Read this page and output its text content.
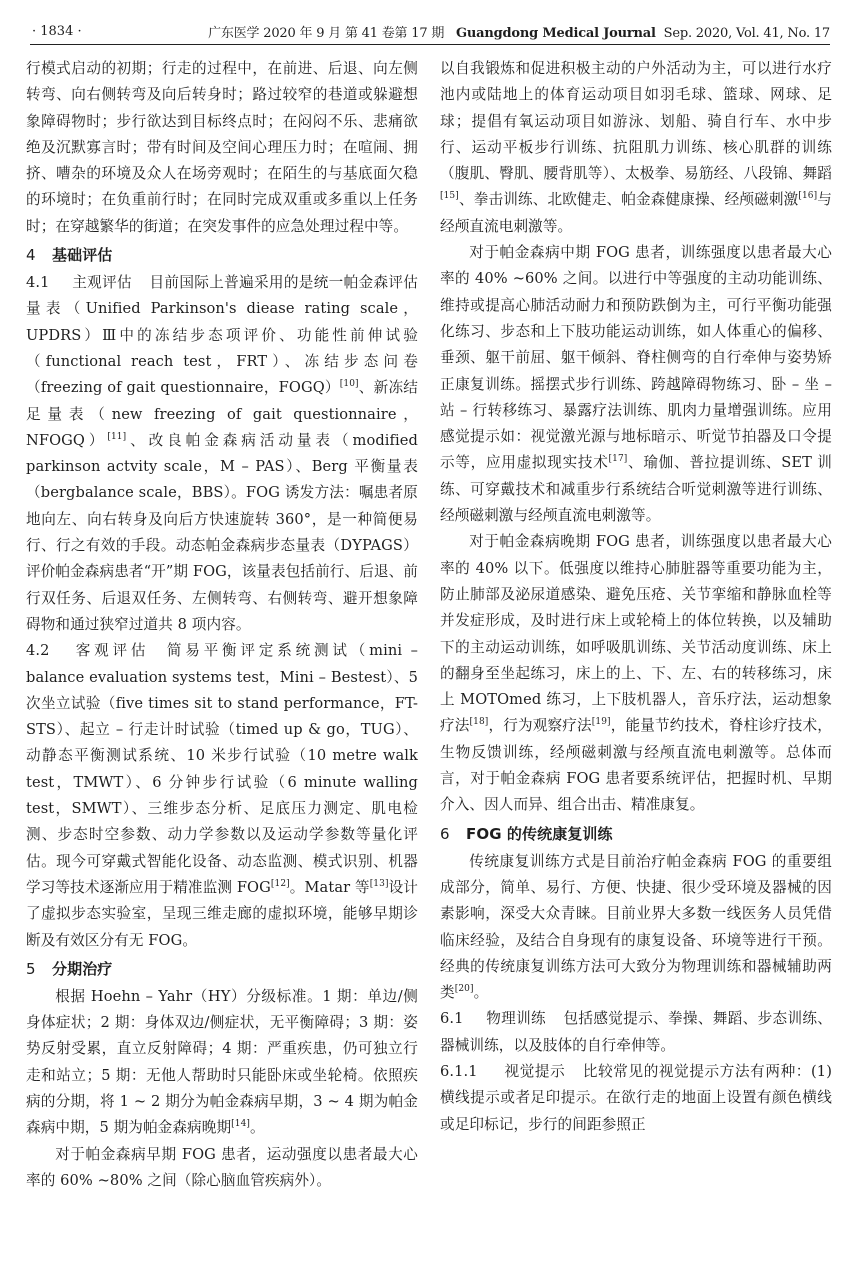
· 1834 ·	广东医学 2020 年 9 月 第 41 卷第 17 期 Guangdong Medical Journal Sep. 2020, Vol. 41, No. 17

行模式启动的初期；行走的过程中，在前进、后退、向左侧转弯、向右侧转弯及向后转身时；路过较窄的巷道或躲避想象障碍物时；步行欲达到目标终点时；在闷闷不乐、悲痛欲绝及沉默寡言时；带有时间及空间心理压力时；在喧闹、拥挤、嘈杂的环境及众人在场旁观时；在陌生的与基底面欠稳的环境时；在负重前行时；在同时完成双重或多重以上任务时；在穿越繁华的街道；在突发事件的应急处理过程中等。

4 基础评估

4.1 主观评估 目前国际上普遍采用的是统一帕金森评估量表（Unified Parkinson's diease rating scale，UPDRS）Ⅲ中的冻结步态项评价、功能性前伸试验（functional reach test，FRT）、冻结步态问卷（freezing of gait questionnaire，FOGQ）[10]、新冻结足量表（new freezing of gait questionnaire，NFOGQ）[11]、改良帕金森病活动量表（modified parkinson actvity scale，M – PAS）、Berg 平衡量表（bergbalance scale，BBS）。FOG 诱发方法：嘱患者原地向左、向右转身及向后方快速旋转 360°，是一种简便易行、行之有效的手段。动态帕金森病步态量表（DYPAGS）评价帕金森病患者“开”期 FOG，该量表包括前行、后退、前行双任务、后退双任务、左侧转弯、右侧转弯、避开想象障碍物和通过狭窄过道共 8 项内容。

4.2 客观评估 简易平衡评定系统测试（mini – balance evaluation systems test，Mini – Bestest）、5 次坐立试验（five times sit to stand performance，FT-STS）、起立 – 行走计时试验（timed up & go，TUG）、动静态平衡测试系统、10 米步行试验（10 metre walk test，TMWT）、6 分钟步行试验（6 minute walling test，SMWT）、三维步态分析、足底压力测定、肌电检测、步态时空参数、动力学参数以及运动学参数等量化评估。现今可穿戴式智能化设备、动态监测、模式识别、机器学习等技术逐渐应用于精准监测 FOG[12]。Matar 等[13]设计了虚拟步态实验室，呈现三维走廊的虚拟环境，能够早期诊断及有效区分有无 FOG。

5 分期治疗

根据 Hoehn – Yahr（HY）分级标准。1 期：单边/侧身体症状；2 期：身体双边/侧症状，无平衡障碍；3 期：姿势反射受累，直立反射障碍；4 期：严重疾患，仍可独立行走和站立；5 期：无他人帮助时只能卧床或坐轮椅。依照疾病的分期，将 1 ~ 2 期分为帕金森病早期，3 ~ 4 期为帕金森病中期，5 期为帕金森病晚期[14]。

对于帕金森病早期 FOG 患者，运动强度以患者最大心率的 60% ~80% 之间（除心脑血管疾病外）。

以自我锻炼和促进积极主动的户外活动为主，可以进行水疗池内或陆地上的体育运动项目如羽毛球、篮球、网球、足球；提倡有氧运动项目如游泳、划船、骑自行车、水中步行、运动平板步行训练、抗阻肌力训练、核心肌群的训练（腹肌、臀肌、腰背肌等）、太极拳、易筋经、八段锦、舞蹈[15]、拳击训练、北欧健走、帕金森健康操、经颅磁刺激[16]与经颅直流电刺激等。

对于帕金森病中期 FOG 患者，训练强度以患者最大心率的 40% ~60% 之间。以进行中等强度的主动功能训练、维持或提高心肺活动耐力和预防跌倒为主，可行平衡功能强化练习、步态和上下肢功能运动训练，如人体重心的偏移、垂颈、躯干前屈、躯干倾斜、脊柱侧弯的自行牵伸与姿势矫正康复训练。摇摆式步行训练、跨越障碍物练习、卧 – 坐 – 站 – 行转移练习、暴露疗法训练、肌肉力量增强训练。应用感觉提示如：视觉激光源与地标暗示、听觉节拍器及口令提示等，应用虚拟现实技术[17]、瑜伽、普拉提训练、SET 训练、可穿戴技术和减重步行系统结合听觉刺激等进行训练、经颅磁刺激与经颅直流电刺激等。

对于帕金森病晚期 FOG 患者，训练强度以患者最大心率的 40% 以下。低强度以维持心肺脏器等重要功能为主，防止肺部及泌尿道感染、避免压疮、关节挛缩和静脉血栓等并发症形成，及时进行床上或轮椅上的体位转换，以及辅助下的主动运动训练，如呼吸肌训练、关节活动度训练、床上的翻身至坐起练习，床上的上、下、左、右的转移练习，床上 MOTOmed 练习，上下肢机器人，音乐疗法，运动想象疗法[18]，行为观察疗法[19]，能量节约技术，脊柱诊疗技术，生物反馈训练，经颅磁刺激与经颅直流电刺激等。总体而言，对于帕金森病 FOG 患者要系统评估，把握时机、早期介入、因人而异、组合出击、精准康复。

6 FOG 的传统康复训练

传统康复训练方式是目前治疗帕金森病 FOG 的重要组成部分，简单、易行、方便、快捷、很少受环境及器械的因素影响，深受大众青睐。目前业界大多数一线医务人员凭借临床经验，及结合自身现有的康复设备、环境等进行干预。经典的传统康复训练方法可大致分为物理训练和器械辅助两类[20]。

6.1 物理训练 包括感觉提示、拳操、舞蹈、步态训练、器械训练，以及肢体的自行牵伸等。

6.1.1 视觉提示 比较常见的视觉提示方法有两种：(1)横线提示或者足印提示。在欲行走的地面上设置有颜色横线或足印标记，步行的间距参照正
